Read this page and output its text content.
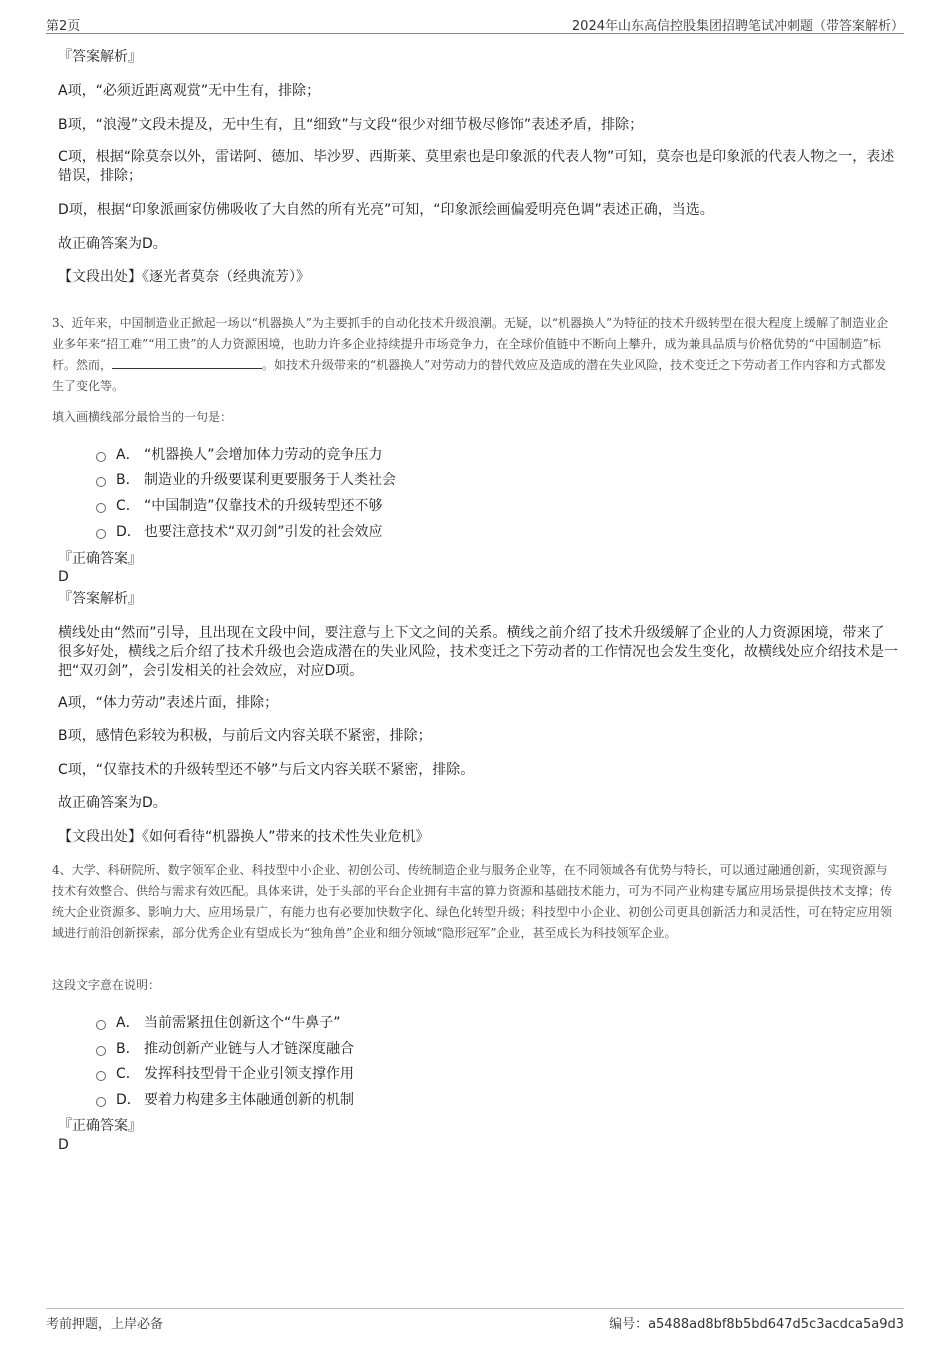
第2页	2024年山东高信控股集团招聘笔试冲刺题（带答案解析）
『答案解析』
A项，“必须近距离观赏”无中生有，排除；
B项，“浪漫”文段未提及，无中生有，且“细致”与文段“很少对细节极尽修饰”表述矛盾，排除；
C项，根据“除莫奈以外，雷诺阿、德加、毕沙罗、西斯莱、莫里索也是印象派的代表人物”可知，莫奈也是印象派的代表人物之一，表述错误，排除；
D项，根据“印象派画家仿佛吸收了大自然的所有光亮”可知，“印象派绘画偏爱明亮色调”表述正确，当选。
故正确答案为D。
【文段出处】《逐光者莫奈（经典流芳）》
3、近年来，中国制造业正掀起一场以“机器换人”为主要抓手的自动化技术升级浪潮。无疑，以“机器换人”为特征的技术升级转型在很大程度上缓解了制造业企业多年来“招工难”“用工贵”的人力资源困境，也助力许多企业持续提升市场竞争力，在全球价值链中不断向上攀升，成为兼具品质与价格优势的“中国制造”标杆。然而，	。如技术升级带来的“机器换人”对劳动力的替代效应及造成的潜在失业风险，技术变迁之下劳动者工作内容和方式都发生了变化等。
填入画横线部分最恰当的一句是：
A． “机器换人”会增加体力劳动的竞争压力
B． 制造业的升级要谋利更要服务于人类社会
C． “中国制造”仅靠技术的升级转型还不够
D． 也要注意技术“双刃剑”引发的社会效应
『正确答案』
D
『答案解析』
横线处由“然而”引导，且出现在文段中间，要注意与上下文之间的关系。横线之前介绍了技术升级缓解了企业的人力资源困境，带来了很多好处，横线之后介绍了技术升级也会造成潜在的失业风险，技术变迁之下劳动者的工作情况也会发生变化，故横线处应介绍技术是一把“双刃剑”，会引发相关的社会效应，对应D项。
A项，“体力劳动”表述片面，排除；
B项，感情色彩较为积极，与前后文内容关联不紧密，排除；
C项，“仅靠技术的升级转型还不够”与后文内容关联不紧密，排除。
故正确答案为D。
【文段出处】《如何看待“机器换人”带来的技术性失业危机》
4、大学、科研院所、数字领军企业、科技型中小企业、初创公司、传统制造企业与服务企业等，在不同领域各有优势与特长，可以通过融通创新，实现资源与技术有效整合、供给与需求有效匹配。具体来讲，处于头部的平台企业拥有丰富的算力资源和基础技术能力，可为不同产业构建专属应用场景提供技术支撑；传统大企业资源多、影响力大、应用场景广，有能力也有必要加快数字化、绿色化转型升级；科技型中小企业、初创公司更具创新活力和灵活性，可在特定应用领域进行前沿创新探索，部分优秀企业有望成长为“独角兽”企业和细分领域“隐形冠军”企业，甚至成长为科技领军企业。
这段文字意在说明：
A． 当前需紧扭住创新这个“牛鼻子”
B． 推动创新产业链与人才链深度融合
C． 发挥科技型骨干企业引领支撑作用
D． 要着力构建多主体融通创新的机制
『正确答案』
D
考前押题，上岸必备	编号：a5488ad8bf8b5bd647d5c3acdca5a9d3
